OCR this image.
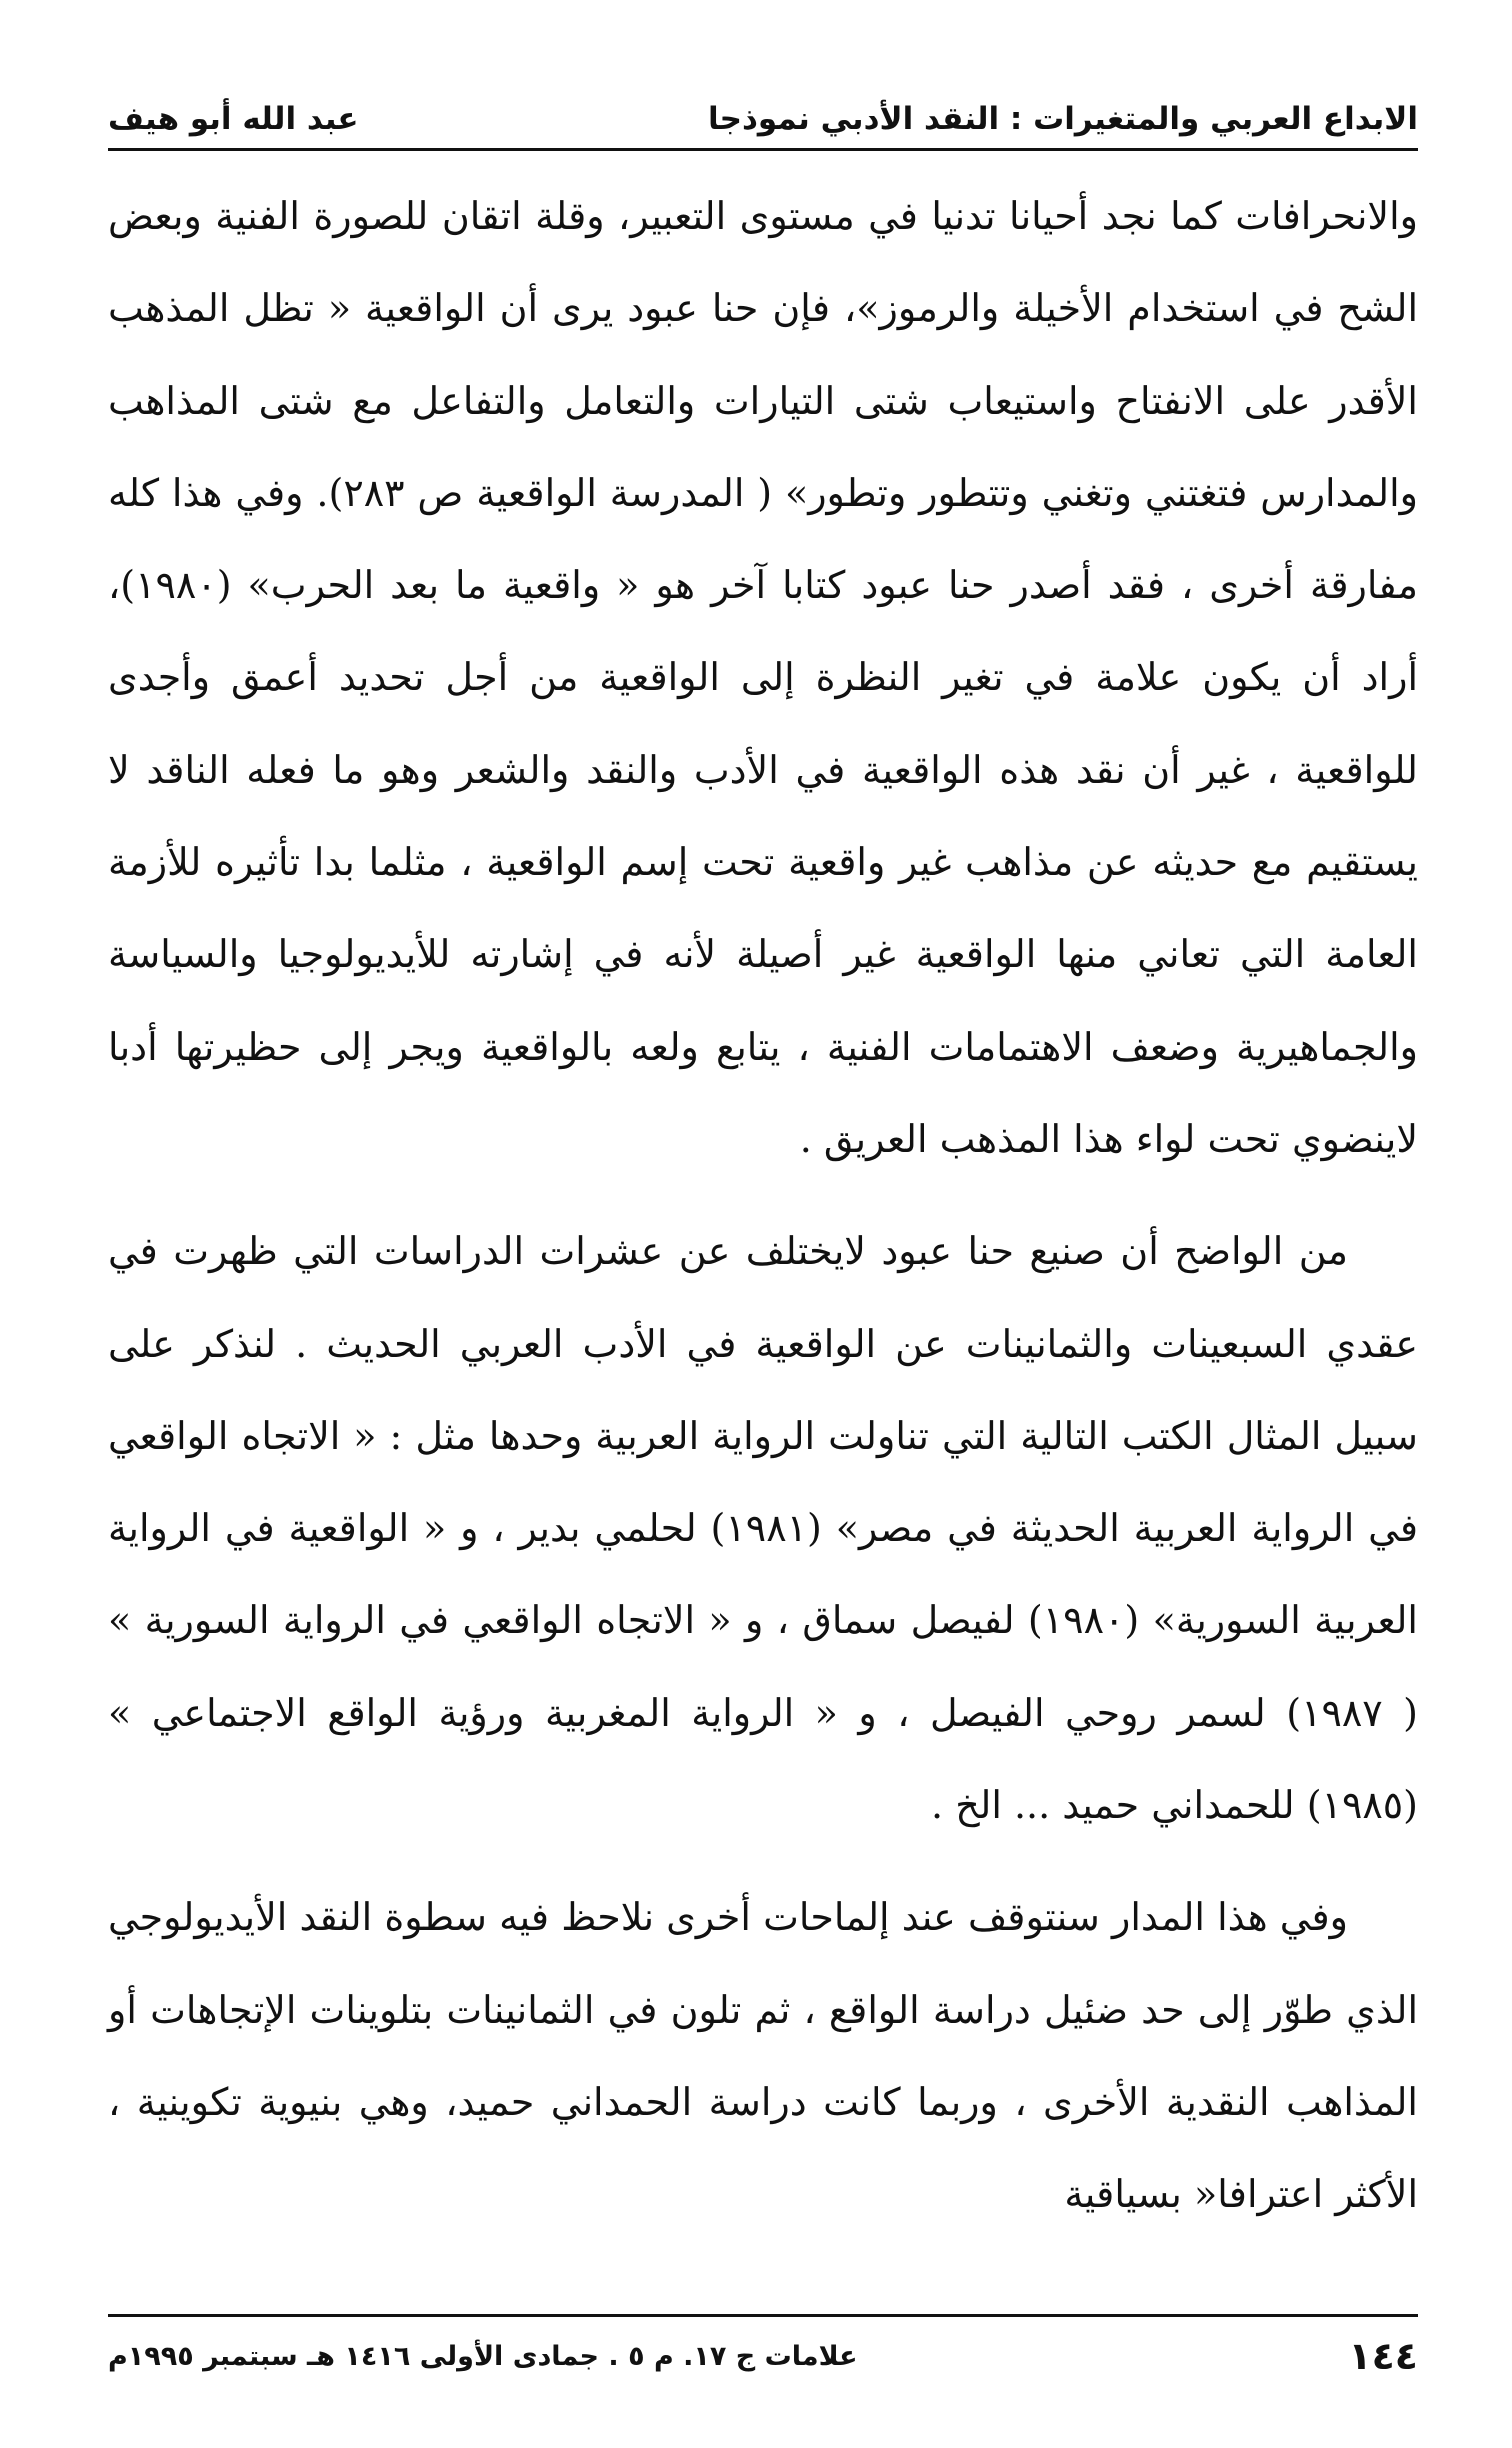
الابداع العربي والمتغيرات : النقد الأدبي نموذجا
عبد الله أبو هيف

والانحرافات كما نجد أحيانا تدنيا في مستوى التعبير، وقلة اتقان للصورة الفنية وبعض الشح في استخدام الأخيلة والرموز»، فإن حنا عبود يرى أن الواقعية « تظل المذهب الأقدر على الانفتاح واستيعاب شتى التيارات والتعامل والتفاعل مع شتى المذاهب والمدارس فتغتني وتغني وتتطور وتطور» ( المدرسة الواقعية ص ٢٨٣). وفي هذا كله مفارقة أخرى ، فقد أصدر حنا عبود كتابا آخر هو « واقعية ما بعد الحرب» (١٩٨٠)، أراد أن يكون علامة في تغير النظرة إلى الواقعية من أجل تحديد أعمق وأجدى للواقعية ، غير أن نقد هذه الواقعية في الأدب والنقد والشعر وهو ما فعله الناقد لا يستقيم مع حديثه عن مذاهب غير واقعية تحت إسم الواقعية ، مثلما بدا تأثيره للأزمة العامة التي تعاني منها الواقعية غير أصيلة لأنه في إشارته للأيديولوجيا والسياسة والجماهيرية وضعف الاهتمامات الفنية ، يتابع ولعه بالواقعية ويجر إلى حظيرتها أدبا لاينضوي تحت لواء هذا المذهب العريق .

من الواضح أن صنيع حنا عبود لايختلف عن عشرات الدراسات التي ظهرت في عقدي السبعينات والثمانينات عن الواقعية في الأدب العربي الحديث . لنذكر على سبيل المثال الكتب التالية التي تناولت الرواية العربية وحدها مثل : « الاتجاه الواقعي في الرواية العربية الحديثة في مصر» (١٩٨١) لحلمي بدير ، و « الواقعية في الرواية العربية السورية» (١٩٨٠) لفيصل سماق ، و « الاتجاه الواقعي في الرواية السورية » ( ١٩٨٧) لسمر روحي الفيصل ، و « الرواية المغربية ورؤية الواقع الاجتماعي » (١٩٨٥) للحمداني حميد ... الخ .

وفي هذا المدار سنتوقف عند إلماحات أخرى نلاحظ فيه سطوة النقد الأيديولوجي الذي طوّر إلى حد ضئيل دراسة الواقع ، ثم تلون في الثمانينات بتلوينات الإتجاهات أو المذاهب النقدية الأخرى ، وربما كانت دراسة الحمداني حميد، وهي بنيوية تكوينية ، الأكثر اعترافا« بسياقية

١٤٤
علامات ج ١٧. م ٥ . جمادى الأولى ١٤١٦ هـ سبتمبر ١٩٩٥م
